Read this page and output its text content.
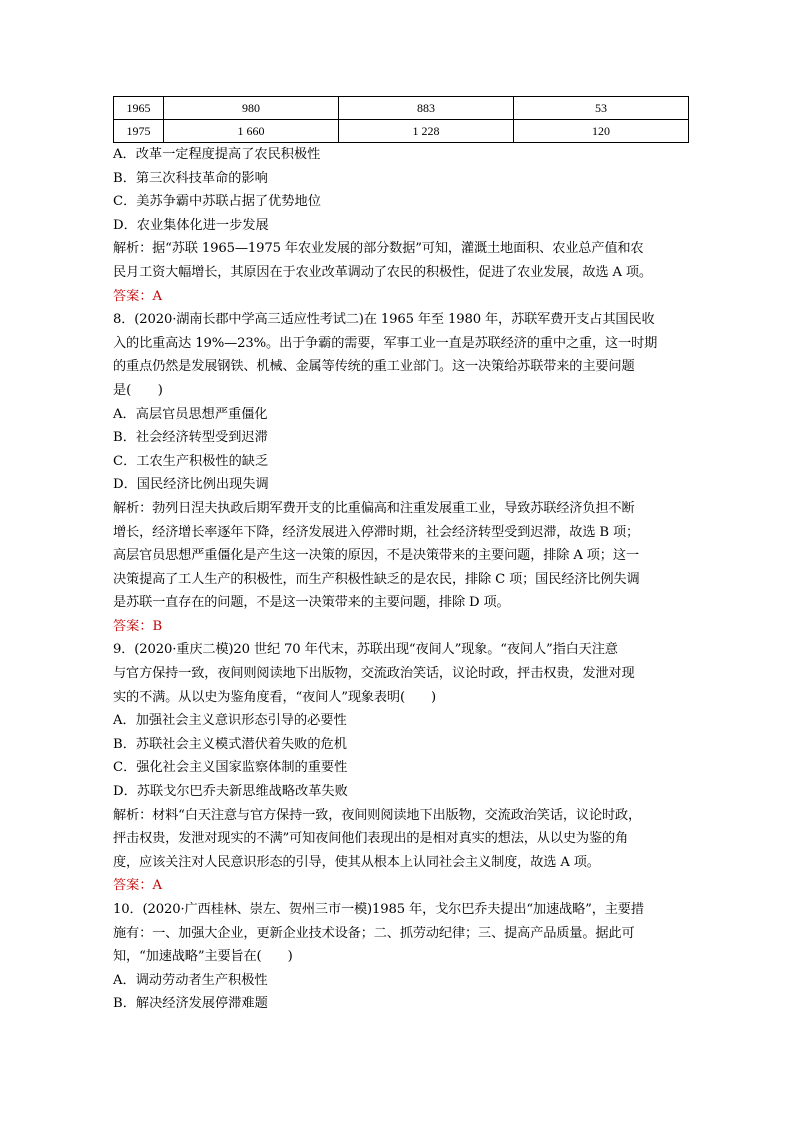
1965	980	883	53
1975	1 660	1 228	120
A．改革一定程度提高了农民积极性
B．第三次科技革命的影响
C．美苏争霸中苏联占据了优势地位
D．农业集体化进一步发展
解析：据“苏联 1965—1975 年农业发展的部分数据”可知，灌溉土地面积、农业总产值和农
民月工资大幅增长，其原因在于农业改革调动了农民的积极性，促进了农业发展，故选 A 项。
答案：A
8．(2020·湖南长郡中学高三适应性考试二)在 1965 年至 1980 年，苏联军费开支占其国民收
入的比重高达 19%—23%。出于争霸的需要，军事工业一直是苏联经济的重中之重，这一时期
的重点仍然是发展钢铁、机械、金属等传统的重工业部门。这一决策给苏联带来的主要问题
是(　　)
A．高层官员思想严重僵化
B．社会经济转型受到迟滞
C．工农生产积极性的缺乏
D．国民经济比例出现失调
解析：勃列日涅夫执政后期军费开支的比重偏高和注重发展重工业，导致苏联经济负担不断
增长，经济增长率逐年下降，经济发展进入停滞时期，社会经济转型受到迟滞，故选 B 项；
高层官员思想严重僵化是产生这一决策的原因，不是决策带来的主要问题，排除 A 项；这一
决策提高了工人生产的积极性，而生产积极性缺乏的是农民，排除 C 项；国民经济比例失调
是苏联一直存在的问题，不是这一决策带来的主要问题，排除 D 项。
答案：B
9．(2020·重庆二模)20 世纪 70 年代末，苏联出现“夜间人”现象。“夜间人”指白天注意
与官方保持一致，夜间则阅读地下出版物，交流政治笑话，议论时政，抨击权贵，发泄对现
实的不满。从以史为鉴角度看，“夜间人”现象表明(　　)
A．加强社会主义意识形态引导的必要性
B．苏联社会主义模式潜伏着失败的危机
C．强化社会主义国家监察体制的重要性
D．苏联戈尔巴乔夫新思维战略改革失败
解析：材料“白天注意与官方保持一致，夜间则阅读地下出版物，交流政治笑话，议论时政，
抨击权贵，发泄对现实的不满”可知夜间他们表现出的是相对真实的想法，从以史为鉴的角
度，应该关注对人民意识形态的引导，使其从根本上认同社会主义制度，故选 A 项。
答案：A
10．(2020·广西桂林、崇左、贺州三市一模)1985 年，戈尔巴乔夫提出“加速战略”，主要措
施有：一、加强大企业，更新企业技术设备；二、抓劳动纪律；三、提高产品质量。据此可
知，“加速战略”主要旨在(　　)
A．调动劳动者生产积极性
B．解决经济发展停滞难题
